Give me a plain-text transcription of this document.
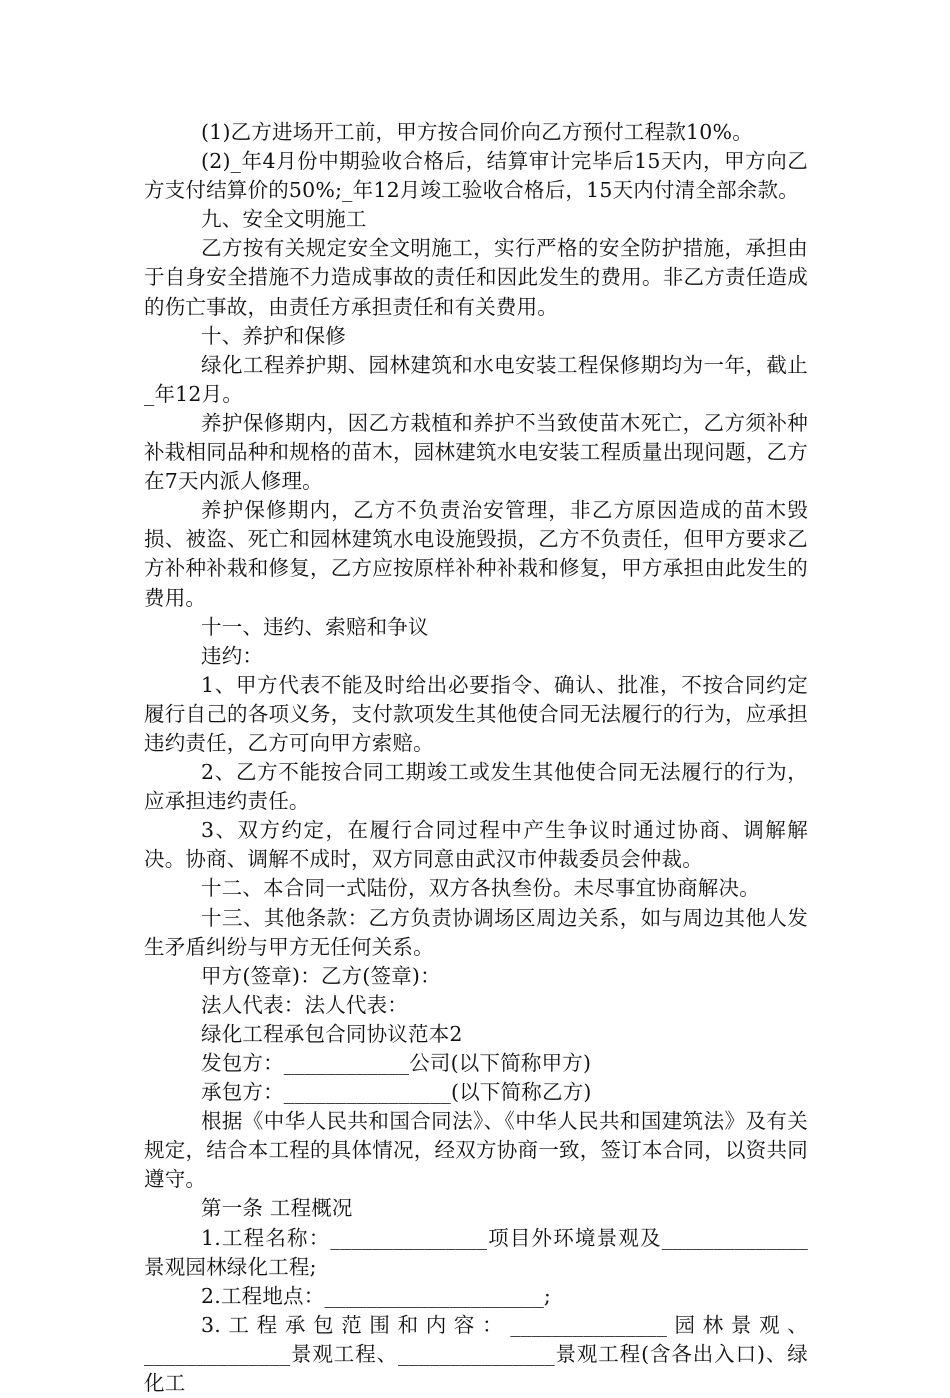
(1)乙方进场开工前，甲方按合同价向乙方预付工程款10%。

(2)_年4月份中期验收合格后，结算审计完毕后15天内，甲方向乙方支付结算价的50%;_年12月竣工验收合格后，15天内付清全部余款。

九、安全文明施工

乙方按有关规定安全文明施工，实行严格的安全防护措施，承担由于自身安全措施不力造成事故的责任和因此发生的费用。非乙方责任造成的伤亡事故，由责任方承担责任和有关费用。

十、养护和保修

绿化工程养护期、园林建筑和水电安装工程保修期均为一年，截止_年12月。

养护保修期内，因乙方栽植和养护不当致使苗木死亡，乙方须补种补栽相同品种和规格的苗木，园林建筑水电安装工程质量出现问题，乙方在7天内派人修理。

养护保修期内，乙方不负责治安管理，非乙方原因造成的苗木毁损、被盗、死亡和园林建筑水电设施毁损，乙方不负责任，但甲方要求乙方补种补栽和修复，乙方应按原样补种补栽和修复，甲方承担由此发生的费用。

十一、违约、索赔和争议

违约：

1、甲方代表不能及时给出必要指令、确认、批准，不按合同约定履行自己的各项义务，支付款项发生其他使合同无法履行的行为，应承担违约责任，乙方可向甲方索赔。

2、乙方不能按合同工期竣工或发生其他使合同无法履行的行为，应承担违约责任。

3、双方约定，在履行合同过程中产生争议时通过协商、调解解决。协商、调解不成时，双方同意由武汉市仲裁委员会仲裁。

十二、本合同一式陆份，双方各执叁份。未尽事宜协商解决。

十三、其他条款：乙方负责协调场区周边关系，如与周边其他人发生矛盾纠纷与甲方无任何关系。

甲方(签章)：乙方(签章)：

法人代表：法人代表：

绿化工程承包合同协议范本2

发包方：____________公司(以下简称甲方)

承包方：________________(以下简称乙方)

根据《中华人民共和国合同法》、《中华人民共和国建筑法》及有关规定，结合本工程的具体情况，经双方协商一致，签订本合同，以资共同遵守。

第一条 工程概况

1.工程名称：_______________项目外环境景观及______________景观园林绿化工程;

2.工程地点：_____________________;

3.工程承包范围和内容：_______________园林景观、______________景观工程、_______________景观工程(含各出入口)、绿化工
